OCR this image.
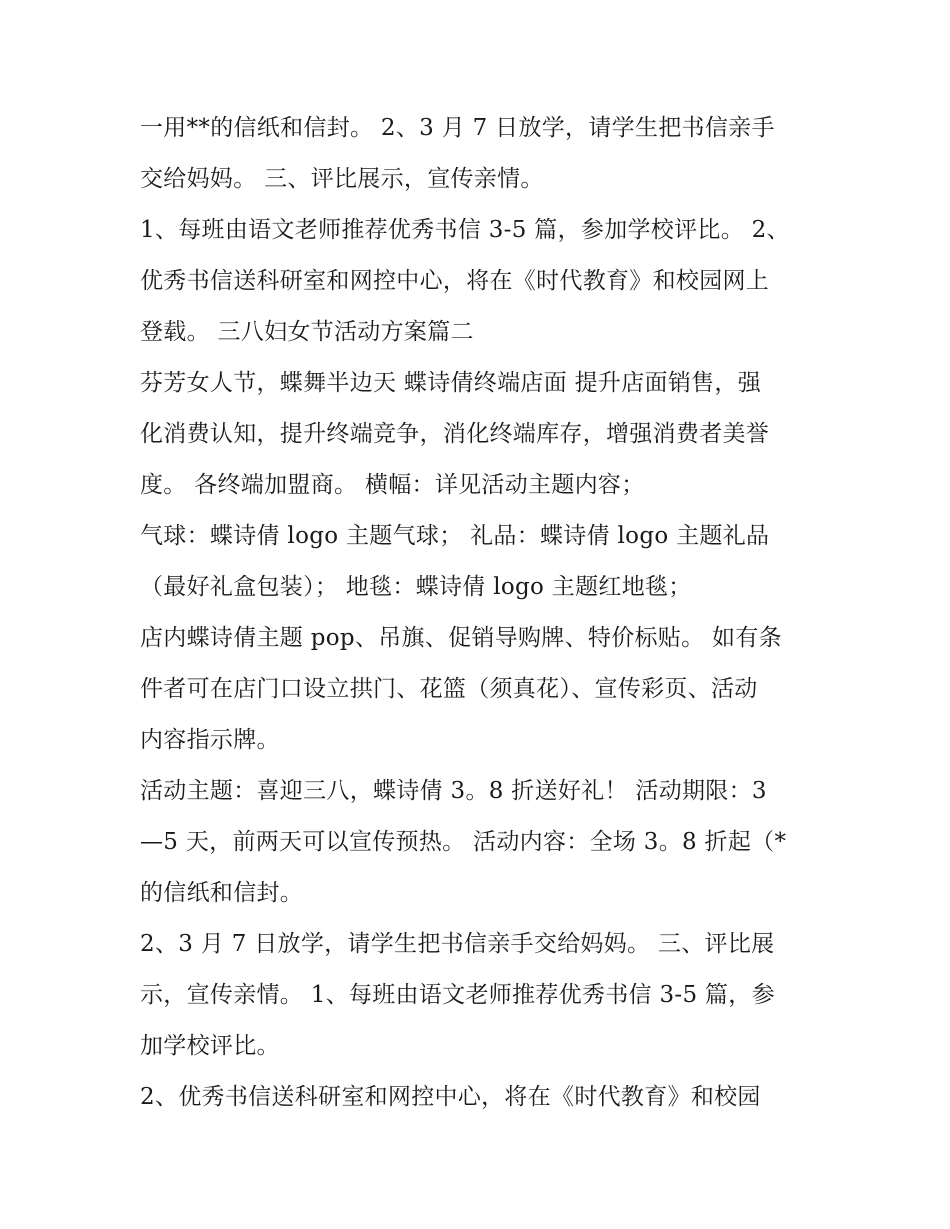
一用**的信纸和信封。 2、3 月 7 日放学，请学生把书信亲手
交给妈妈。 三、评比展示，宣传亲情。
1、每班由语文老师推荐优秀书信 3-5 篇，参加学校评比。 2、
优秀书信送科研室和网控中心，将在《时代教育》和校园网上
登载。 三八妇女节活动方案篇二
芬芳女人节，蝶舞半边天 蝶诗倩终端店面 提升店面销售，强
化消费认知，提升终端竞争，消化终端库存，增强消费者美誉
度。 各终端加盟商。 横幅：详见活动主题内容；
气球：蝶诗倩 logo 主题气球； 礼品：蝶诗倩 logo 主题礼品
（最好礼盒包装）； 地毯：蝶诗倩 logo 主题红地毯；
店内蝶诗倩主题 pop、吊旗、促销导购牌、特价标贴。 如有条
件者可在店门口设立拱门、花篮（须真花）、宣传彩页、活动
内容指示牌。
活动主题：喜迎三八，蝶诗倩 3。8 折送好礼！ 活动期限：3
—5 天，前两天可以宣传预热。 活动内容：全场 3。8 折起（*
的信纸和信封。
2、3 月 7 日放学，请学生把书信亲手交给妈妈。 三、评比展
示，宣传亲情。 1、每班由语文老师推荐优秀书信 3-5 篇，参
加学校评比。
2、优秀书信送科研室和网控中心，将在《时代教育》和校园
